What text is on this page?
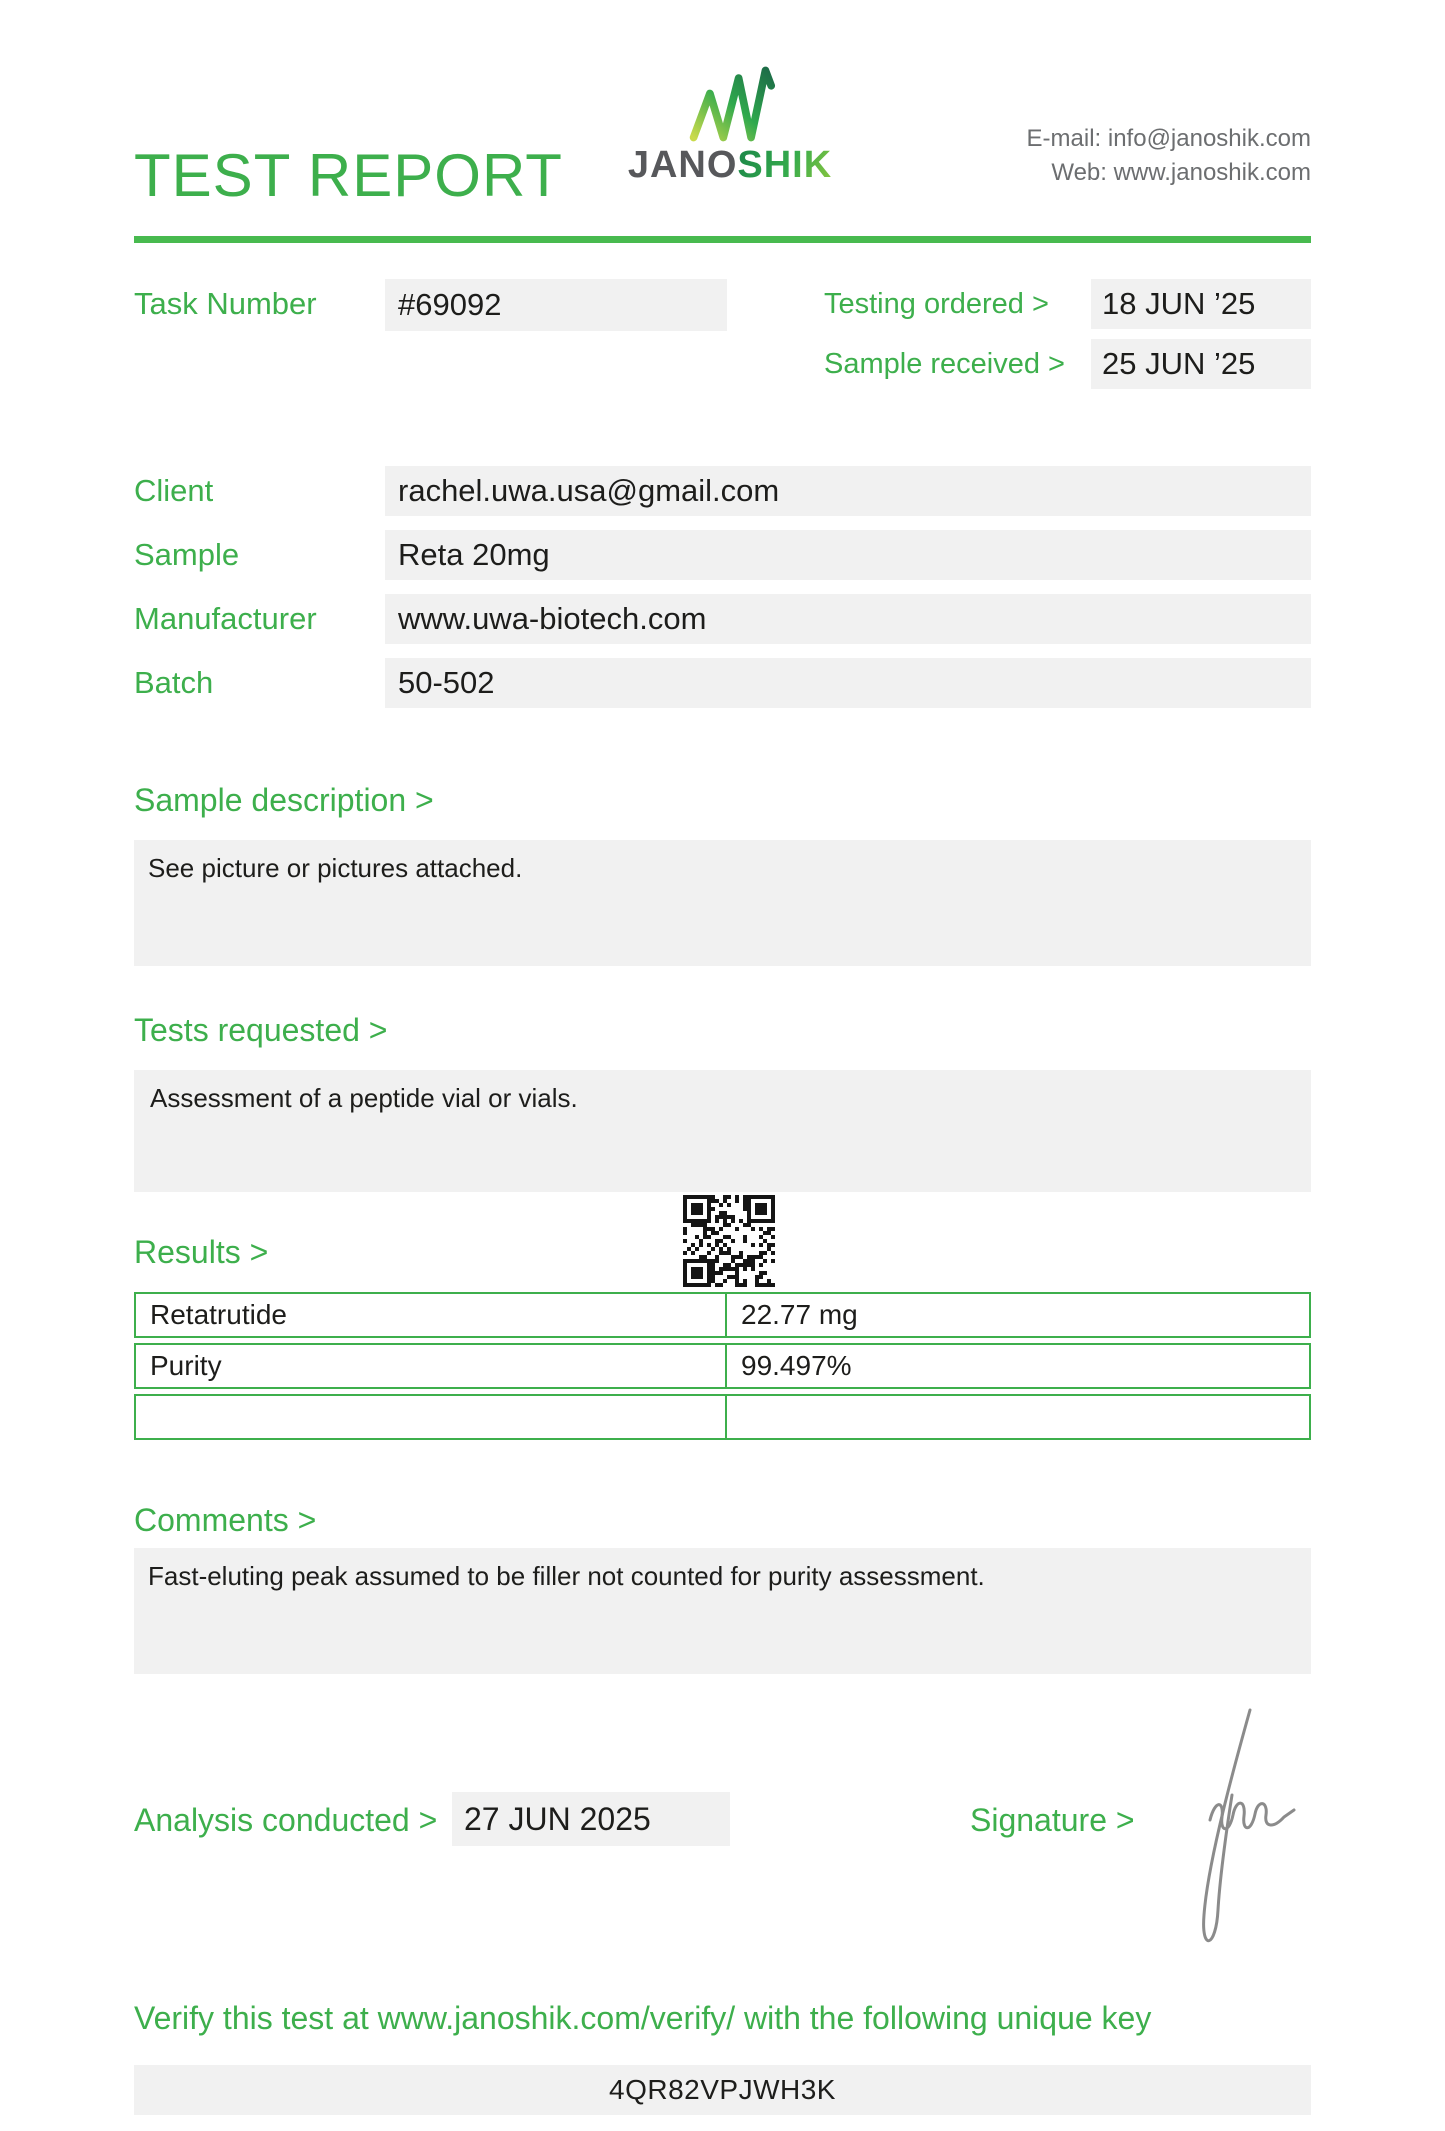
TEST REPORT	JANOSHIK
E-mail: info@janoshik.com
Web: www.janoshik.com
Task Number	#69092	Testing ordered >	18 JUN ’25
Sample received >	25 JUN ’25
Client	rachel.uwa.usa@gmail.com
Sample	Reta 20mg
Manufacturer	www.uwa-biotech.com
Batch	50-502
Sample description >
See picture or pictures attached.
Tests requested >
Assessment of a peptide vial or vials.
Results >
Retatrutide	22.77 mg
Purity	99.497%
Comments >
Fast-eluting peak assumed to be filler not counted for purity assessment.
Analysis conducted > 27 JUN 2025	Signature >
Verify this test at www.janoshik.com/verify/ with the following unique key
4QR82VPJWH3K
